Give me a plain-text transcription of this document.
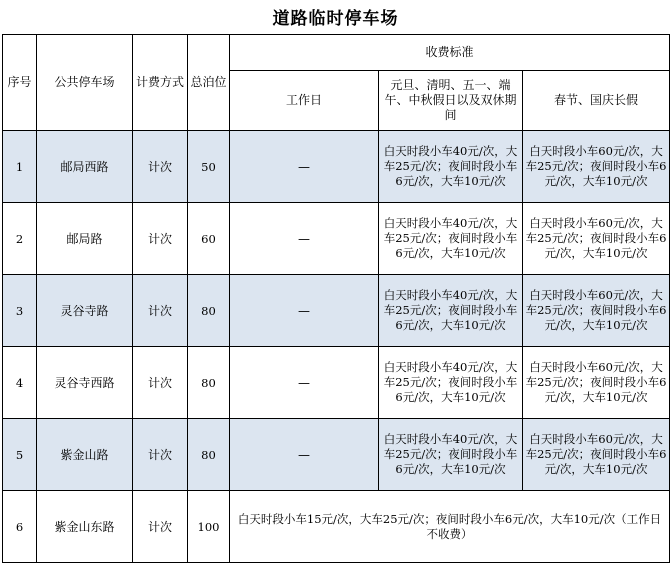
道路临时停车场
序号	公共停车场	计费方式	总泊位	收费标准		
				工作日	元旦、清明、五一、端午、中秋假日以及双休期间	春节、国庆长假
1	邮局西路	计次	50	—	白天时段小车40元/次，大车25元/次；夜间时段小车6元/次，大车10元/次	白天时段小车60元/次，大车25元/次；夜间时段小车6元/次，大车10元/次
2	邮局路	计次	60	—	白天时段小车40元/次，大车25元/次；夜间时段小车6元/次，大车10元/次	白天时段小车60元/次，大车25元/次；夜间时段小车6元/次，大车10元/次
3	灵谷寺路	计次	80	—	白天时段小车40元/次，大车25元/次；夜间时段小车6元/次，大车10元/次	白天时段小车60元/次，大车25元/次；夜间时段小车6元/次，大车10元/次
4	灵谷寺西路	计次	80	—	白天时段小车40元/次，大车25元/次；夜间时段小车6元/次，大车10元/次	白天时段小车60元/次，大车25元/次；夜间时段小车6元/次，大车10元/次
5	紫金山路	计次	80	—	白天时段小车40元/次，大车25元/次；夜间时段小车6元/次，大车10元/次	白天时段小车60元/次，大车25元/次；夜间时段小车6元/次，大车10元/次
6	紫金山东路	计次	100	白天时段小车15元/次，大车25元/次；夜间时段小车6元/次，大车10元/次（工作日不收费）		
